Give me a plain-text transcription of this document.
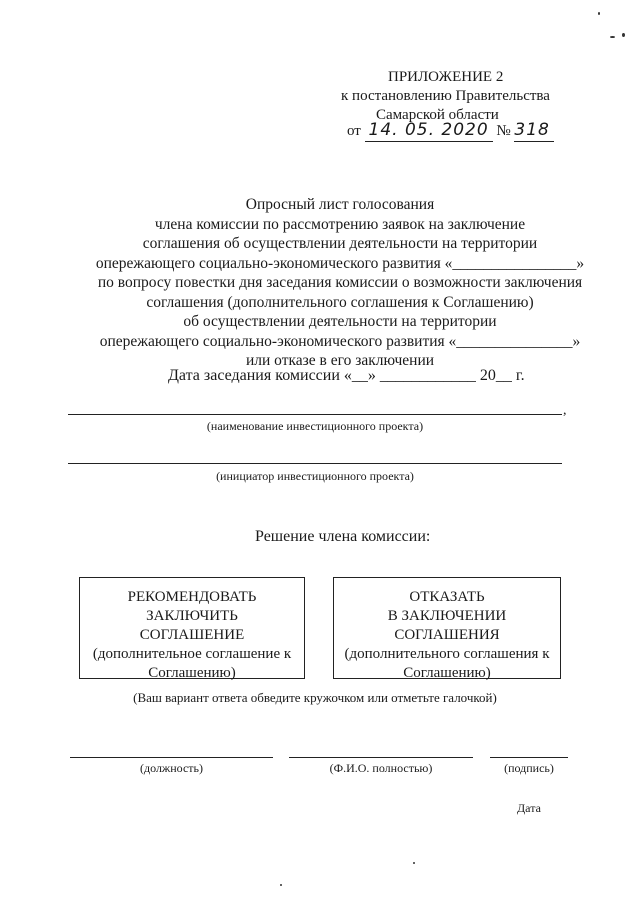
ПРИЛОЖЕНИЕ 2
к постановлению Правительства
Самарской области
от 14. 05. 2020 № 318
Опросный лист голосования
члена комиссии по рассмотрению заявок на заключение
соглашения об осуществлении деятельности на территории
опережающего социально-экономического развития «________________»
по вопросу повестки дня заседания комиссии о возможности заключения
соглашения (дополнительного соглашения к Соглашению)
об осуществлении деятельности на территории
опережающего социально-экономического развития «_______________»
или отказе в его заключении
Дата заседания комиссии «__» ____________ 20__ г.
,
(наименование инвестиционного проекта)
(инициатор инвестиционного проекта)
Решение члена комиссии:
РЕКОМЕНДОВАТЬ
ЗАКЛЮЧИТЬ
СОГЛАШЕНИЕ
(дополнительное соглашение к
Соглашению)
ОТКАЗАТЬ
В ЗАКЛЮЧЕНИИ
СОГЛАШЕНИЯ
(дополнительного соглашения к
Соглашению)
(Ваш вариант ответа обведите кружочком или отметьте галочкой)
(должность)	(Ф.И.О. полностью)	(подпись)
Дата
